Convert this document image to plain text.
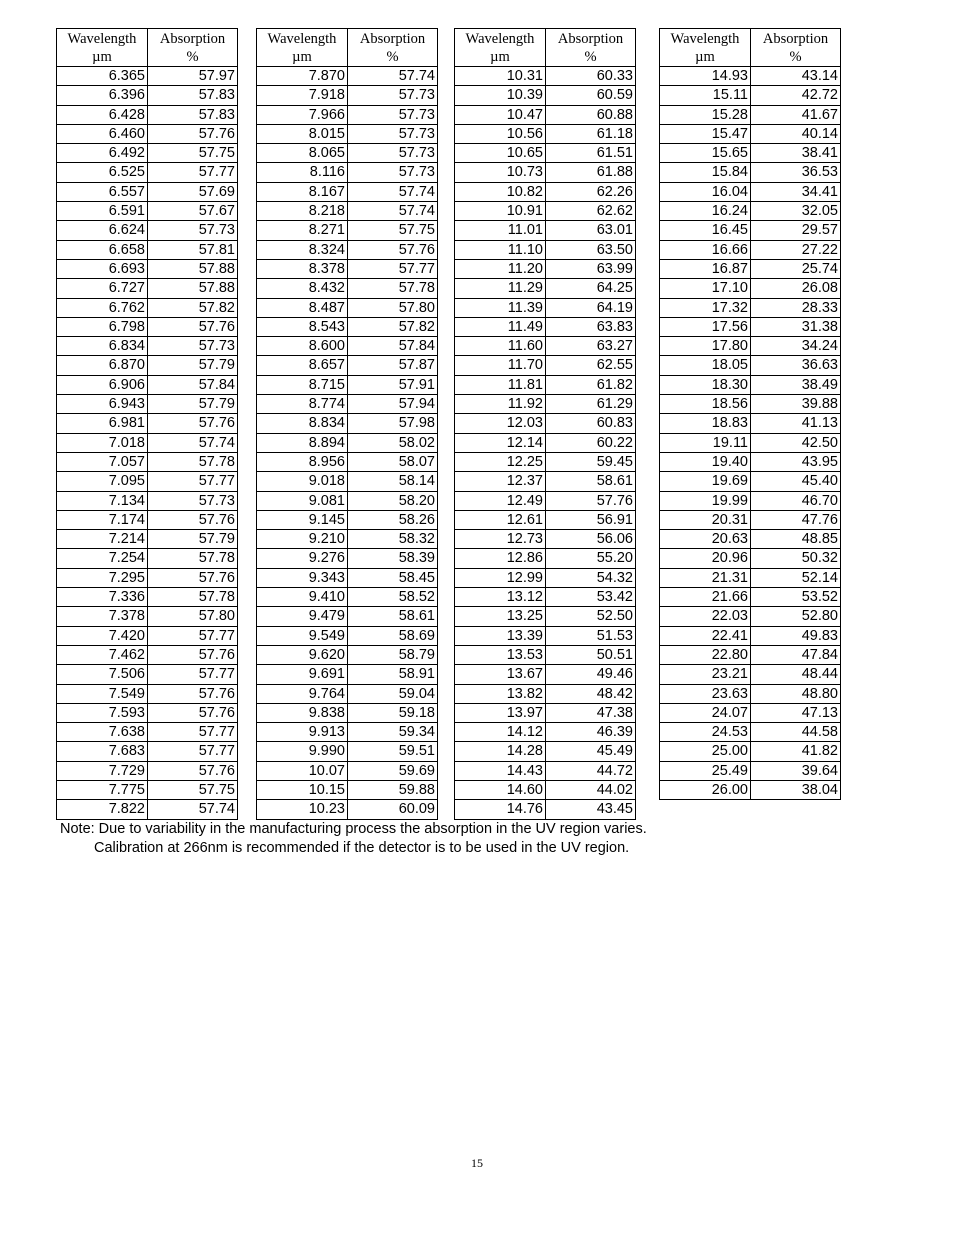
Wavelength
µm	Absorption
%

6.365	57.97
6.396	57.83
6.428	57.83
6.460	57.76
6.492	57.75
6.525	57.77
6.557	57.69
6.591	57.67
6.624	57.73
6.658	57.81
6.693	57.88
6.727	57.88
6.762	57.82
6.798	57.76
6.834	57.73
6.870	57.79
6.906	57.84
6.943	57.79
6.981	57.76
7.018	57.74
7.057	57.78
7.095	57.77
7.134	57.73
7.174	57.76
7.214	57.79
7.254	57.78
7.295	57.76
7.336	57.78
7.378	57.80
7.420	57.77
7.462	57.76
7.506	57.77
7.549	57.76
7.593	57.76
7.638	57.77
7.683	57.77
7.729	57.76
7.775	57.75
7.822	57.74
Wavelength
µm	Absorption
%

7.870	57.74
7.918	57.73
7.966	57.73
8.015	57.73
8.065	57.73
8.116	57.73
8.167	57.74
8.218	57.74
8.271	57.75
8.324	57.76
8.378	57.77
8.432	57.78
8.487	57.80
8.543	57.82
8.600	57.84
8.657	57.87
8.715	57.91
8.774	57.94
8.834	57.98
8.894	58.02
8.956	58.07
9.018	58.14
9.081	58.20
9.145	58.26
9.210	58.32
9.276	58.39
9.343	58.45
9.410	58.52
9.479	58.61
9.549	58.69
9.620	58.79
9.691	58.91
9.764	59.04
9.838	59.18
9.913	59.34
9.990	59.51
10.07	59.69
10.15	59.88
10.23	60.09
Wavelength
µm	Absorption
%

10.31	60.33
10.39	60.59
10.47	60.88
10.56	61.18
10.65	61.51
10.73	61.88
10.82	62.26
10.91	62.62
11.01	63.01
11.10	63.50
11.20	63.99
11.29	64.25
11.39	64.19
11.49	63.83
11.60	63.27
11.70	62.55
11.81	61.82
11.92	61.29
12.03	60.83
12.14	60.22
12.25	59.45
12.37	58.61
12.49	57.76
12.61	56.91
12.73	56.06
12.86	55.20
12.99	54.32
13.12	53.42
13.25	52.50
13.39	51.53
13.53	50.51
13.67	49.46
13.82	48.42
13.97	47.38
14.12	46.39
14.28	45.49
14.43	44.72
14.60	44.02
14.76	43.45
Wavelength
µm	Absorption
%

14.93	43.14
15.11	42.72
15.28	41.67
15.47	40.14
15.65	38.41
15.84	36.53
16.04	34.41
16.24	32.05
16.45	29.57
16.66	27.22
16.87	25.74
17.10	26.08
17.32	28.33
17.56	31.38
17.80	34.24
18.05	36.63
18.30	38.49
18.56	39.88
18.83	41.13
19.11	42.50
19.40	43.95
19.69	45.40
19.99	46.70
20.31	47.76
20.63	48.85
20.96	50.32
21.31	52.14
21.66	53.52
22.03	52.80
22.41	49.83
22.80	47.84
23.21	48.44
23.63	48.80
24.07	47.13
24.53	44.58
25.00	41.82
25.49	39.64
26.00	38.04
Note: Due to variability in the manufacturing process the absorption in the UV region varies.
Calibration at 266nm is recommended if the detector is to be used in the UV region.
15
